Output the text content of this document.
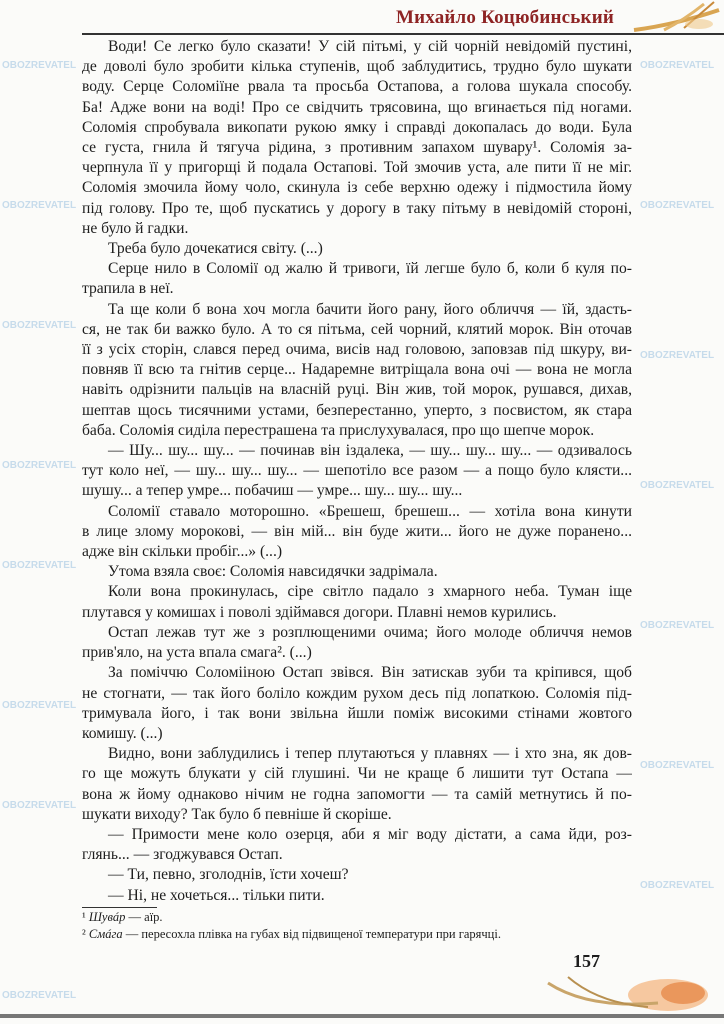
Михайло Коцюбинський
Води! Се легко було сказати! У сій пітьмі, у сій чорній невідомій пустині,
де доволі було зробити кілька ступенів, щоб заблудитись, трудно було шукати
воду. Серце Соломіїне рвала та просьба Остапова, а голова шукала способу.
Ба! Адже вони на воді! Про се свідчить трясовина, що вгинається під ногами.
Соломія спробувала викопати рукою ямку і справді докопалась до води. Була
се густа, гнила й тягуча рідина, з противним запахом шувару¹. Соломія за-
черпнула її у пригорщі й подала Остапові. Той змочив уста, але пити її не міг.
Соломія змочила йому чоло, скинула із себе верхню одежу і підмостила йому
під голову. Про те, щоб пускатись у дорогу в таку пітьму в невідомій стороні,
не було й гадки.
Треба було дочекатися світу. (...)
Серце нило в Соломії од жалю й тривоги, їй легше було б, коли б куля по-
трапила в неї.
Та ще коли б вона хоч могла бачити його рану, його обличчя — їй, здасть-
ся, не так би важко було. А то ся пітьма, сей чорний, клятий морок. Він оточав
її з усіх сторін, слався перед очима, висів над головою, заповзав під шкуру, ви-
повняв її всю та гнітив серце... Надаремне витріщала вона очі — вона не могла
навіть одрізнити пальців на власній руці. Він жив, той морок, рушався, дихав,
шептав щось тисячними устами, безперестанно, уперто, з посвистом, як стара
баба. Соломія сиділа перестрашена та прислухувалася, про що шепче морок.
— Шу... шу... шу... — починав він іздалека, — шу... шу... шу... — одзивалось
тут коло неї, — шу... шу... шу... — шепотіло все разом — а пощо було клясти...
шушу... а тепер умре... побачиш — умре... шу... шу... шу...
Соломії ставало моторошно. «Брешеш, брешеш... — хотіла вона кинути
в лице злому морокові, — він мій... він буде жити... його не дуже поранено...
адже він скільки пробіг...» (...)
Утома взяла своє: Соломія навсидячки задрімала.
Коли вона прокинулась, сіре світло падало з хмарного неба. Туман іще
плутався у комишах і поволі здіймався догори. Плавні немов курились.
Остап лежав тут же з розплющеними очима; його молоде обличчя немов
прив'яло, на уста впала смага². (...)
За поміччю Соломііною Остап звівся. Він затискав зуби та кріпився, щоб
не стогнати, — так його боліло кождим рухом десь під лопаткою. Соломія під-
тримувала його, і так вони звільна йшли поміж високими стінами жовтого
комишу. (...)
Видно, вони заблудились і тепер плутаються у плавнях — і хто зна, як дов-
го ще можуть блукати у сій глушині. Чи не краще б лишити тут Остапа —
вона ж йому однаково нічим не годна запомогти — та самій метнутись й по-
шукати виходу? Так було б певніше й скоріше.
— Примости мене коло озерця, аби я міг воду дістати, а сама йди, роз-
глянь... — згоджувався Остап.
— Ти, певно, зголоднів, їсти хочеш?
— Ні, не хочеться... тільки пити.
¹ Шувáр — аїр.
² Смáга — пересохла плівка на губах від підвищеної температури при гарячці.
157
OBOZREVATEL
OBOZREVATEL
OBOZREVATEL
OBOZREVATEL
OBOZREVATEL
OBOZREVATEL
OBOZREVATEL
OBOZREVATEL
OBOZREVATEL
OBOZREVATEL
OBOZREVATEL
OBOZREVATEL
OBOZREVATEL
OBOZREVATEL
OBOZREVATEL
